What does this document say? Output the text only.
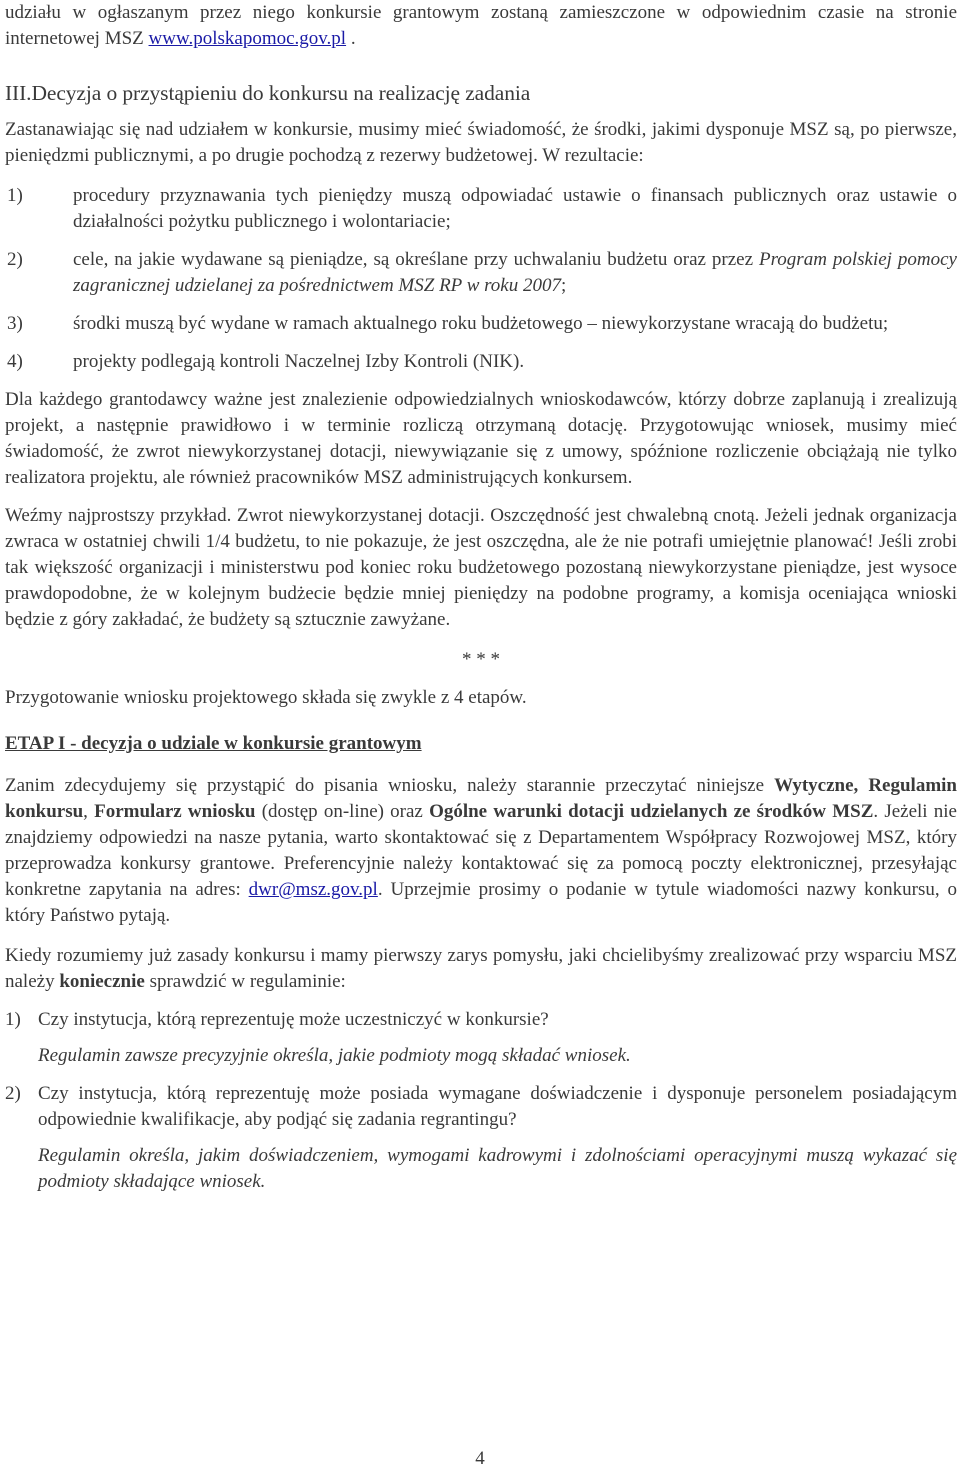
udziału w ogłaszanym przez niego konkursie grantowym zostaną zamieszczone w odpowiednim czasie na stronie internetowej MSZ www.polskapomoc.gov.pl .

III.Decyzja o przystąpieniu do konkursu na realizację zadania

Zastanawiając się nad udziałem w konkursie, musimy mieć świadomość, że środki, jakimi dysponuje MSZ są, po pierwsze, pieniędzmi publicznymi, a po drugie pochodzą z rezerwy budżetowej. W rezultacie:

1)	procedury przyznawania tych pieniędzy muszą odpowiadać ustawie o finansach publicznych oraz ustawie o działalności pożytku publicznego i wolontariacie;
2)	cele, na jakie wydawane są pieniądze, są określane przy uchwalaniu budżetu oraz przez Program polskiej pomocy zagranicznej udzielanej za pośrednictwem MSZ RP w roku 2007;
3)	środki muszą być wydane w ramach aktualnego roku budżetowego – niewykorzystane wracają do budżetu;
4)	projekty podlegają kontroli Naczelnej Izby Kontroli (NIK).

Dla każdego grantodawcy ważne jest znalezienie odpowiedzialnych wnioskodawców, którzy dobrze zaplanują i zrealizują projekt, a następnie prawidłowo i w terminie rozliczą otrzymaną dotację. Przygotowując wniosek, musimy mieć świadomość, że zwrot niewykorzystanej dotacji, niewywiązanie się z umowy, spóźnione rozliczenie obciążają nie tylko realizatora projektu, ale również pracowników MSZ administrujących konkursem.

Weźmy najprostszy przykład. Zwrot niewykorzystanej dotacji. Oszczędność jest chwalebną cnotą. Jeżeli jednak organizacja zwraca w ostatniej chwili 1/4 budżetu, to nie pokazuje, że jest oszczędna, ale że nie potrafi umiejętnie planować! Jeśli zrobi tak większość organizacji i ministerstwu pod koniec roku budżetowego pozostaną niewykorzystane pieniądze, jest wysoce prawdopodobne, że w kolejnym budżecie będzie mniej pieniędzy na podobne programy, a komisja oceniająca wnioski będzie z góry zakładać, że budżety są sztucznie zawyżane.

* * *

Przygotowanie wniosku projektowego składa się zwykle z 4 etapów.

ETAP I - decyzja o udziale w konkursie grantowym

Zanim zdecydujemy się przystąpić do pisania wniosku, należy starannie przeczytać niniejsze Wytyczne, Regulamin konkursu, Formularz wniosku (dostęp on-line) oraz Ogólne warunki dotacji udzielanych ze środków MSZ. Jeżeli nie znajdziemy odpowiedzi na nasze pytania, warto skontaktować się z Departamentem Współpracy Rozwojowej MSZ, który przeprowadza konkursy grantowe. Preferencyjnie należy kontaktować się za pomocą poczty elektronicznej, przesyłając konkretne zapytania na adres: dwr@msz.gov.pl. Uprzejmie prosimy o podanie w tytule wiadomości nazwy konkursu, o który Państwo pytają.

Kiedy rozumiemy już zasady konkursu i mamy pierwszy zarys pomysłu, jaki chcielibyśmy zrealizować przy wsparciu MSZ należy koniecznie sprawdzić w regulaminie:

1) Czy instytucja, którą reprezentuję może uczestniczyć w konkursie?
Regulamin zawsze precyzyjnie określa, jakie podmioty mogą składać wniosek.
2) Czy instytucja, którą reprezentuję może posiada wymagane doświadczenie i dysponuje personelem posiadającym odpowiednie kwalifikacje, aby podjąć się zadania regrantingu?
Regulamin określa, jakim doświadczeniem, wymogami kadrowymi i zdolnościami operacyjnymi muszą wykazać się podmioty składające wniosek.
4
